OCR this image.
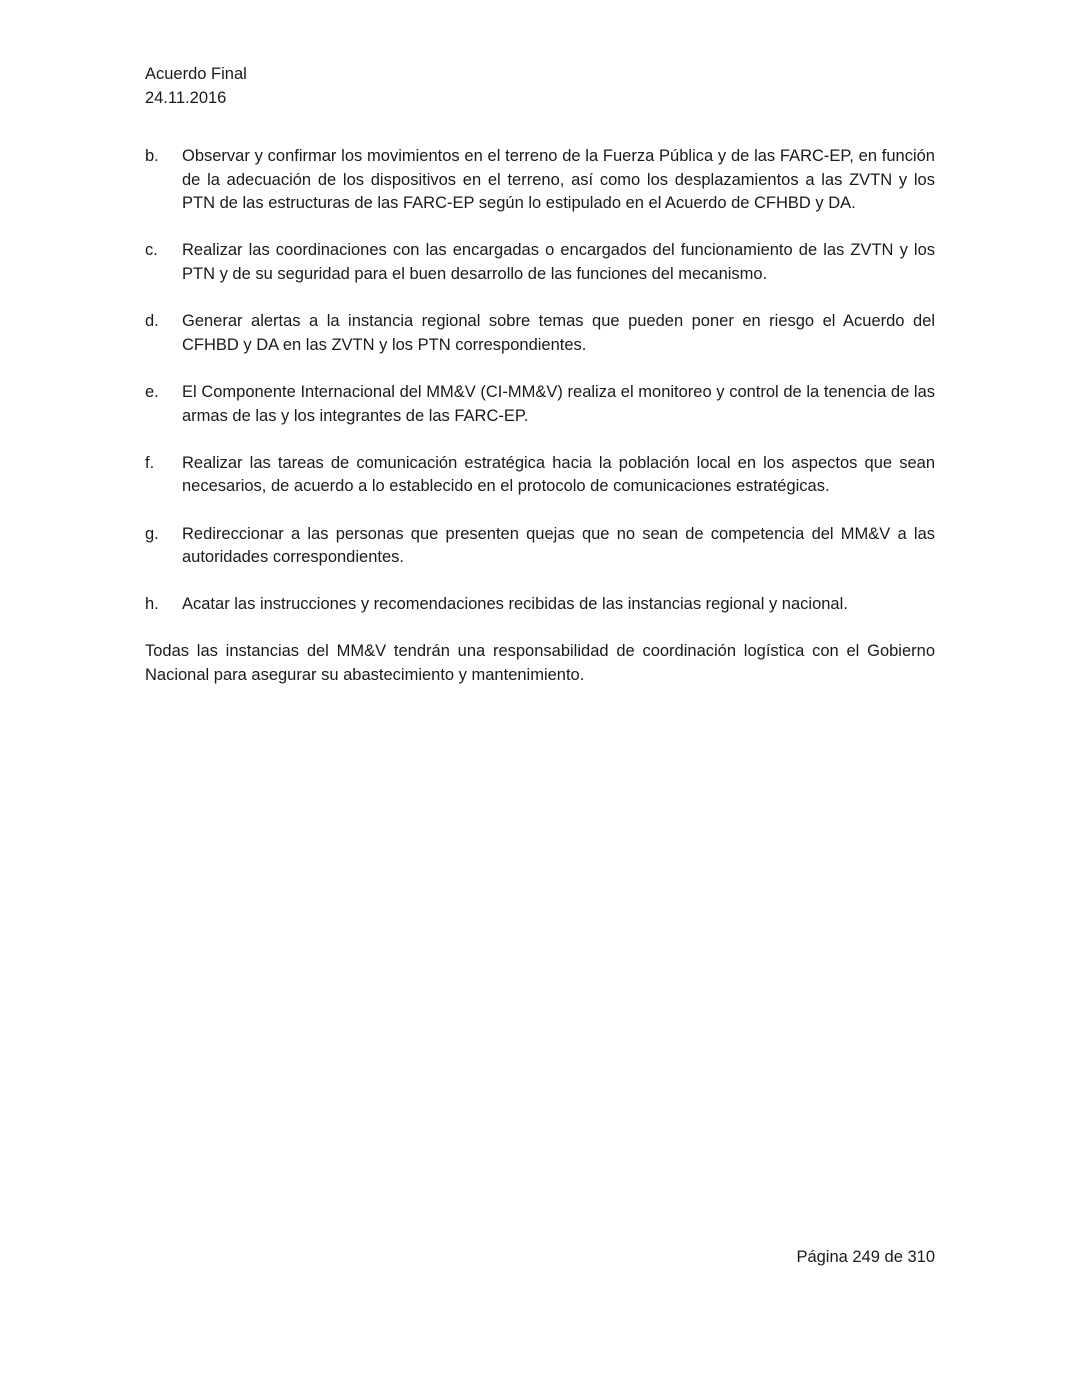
Acuerdo Final
24.11.2016
b.	Observar y confirmar los movimientos en el terreno de la Fuerza Pública y de las FARC-EP, en función de la adecuación de los dispositivos en el terreno, así como los desplazamientos a las ZVTN y los PTN de las estructuras de las FARC-EP según lo estipulado en el Acuerdo de CFHBD y DA.
c.	Realizar las coordinaciones con las encargadas o encargados del funcionamiento de las ZVTN y los PTN y de su seguridad para el buen desarrollo de las funciones del mecanismo.
d.	Generar alertas a la instancia regional sobre temas que pueden poner en riesgo el Acuerdo del CFHBD y DA en las ZVTN y los PTN correspondientes.
e.	El Componente Internacional del MM&V (CI-MM&V) realiza el monitoreo y control de la tenencia de las armas de las y los integrantes de las FARC-EP.
f.	Realizar las tareas de comunicación estratégica hacia la población local en los aspectos que sean necesarios, de acuerdo a lo establecido en el protocolo de comunicaciones estratégicas.
g.	Redireccionar a las personas que presenten quejas que no sean de competencia del MM&V a las autoridades correspondientes.
h.	Acatar las instrucciones y recomendaciones recibidas de las instancias regional y nacional.

Todas las instancias del MM&V tendrán una responsabilidad de coordinación logística con el Gobierno Nacional para asegurar su abastecimiento y mantenimiento.

Página 249 de 310
